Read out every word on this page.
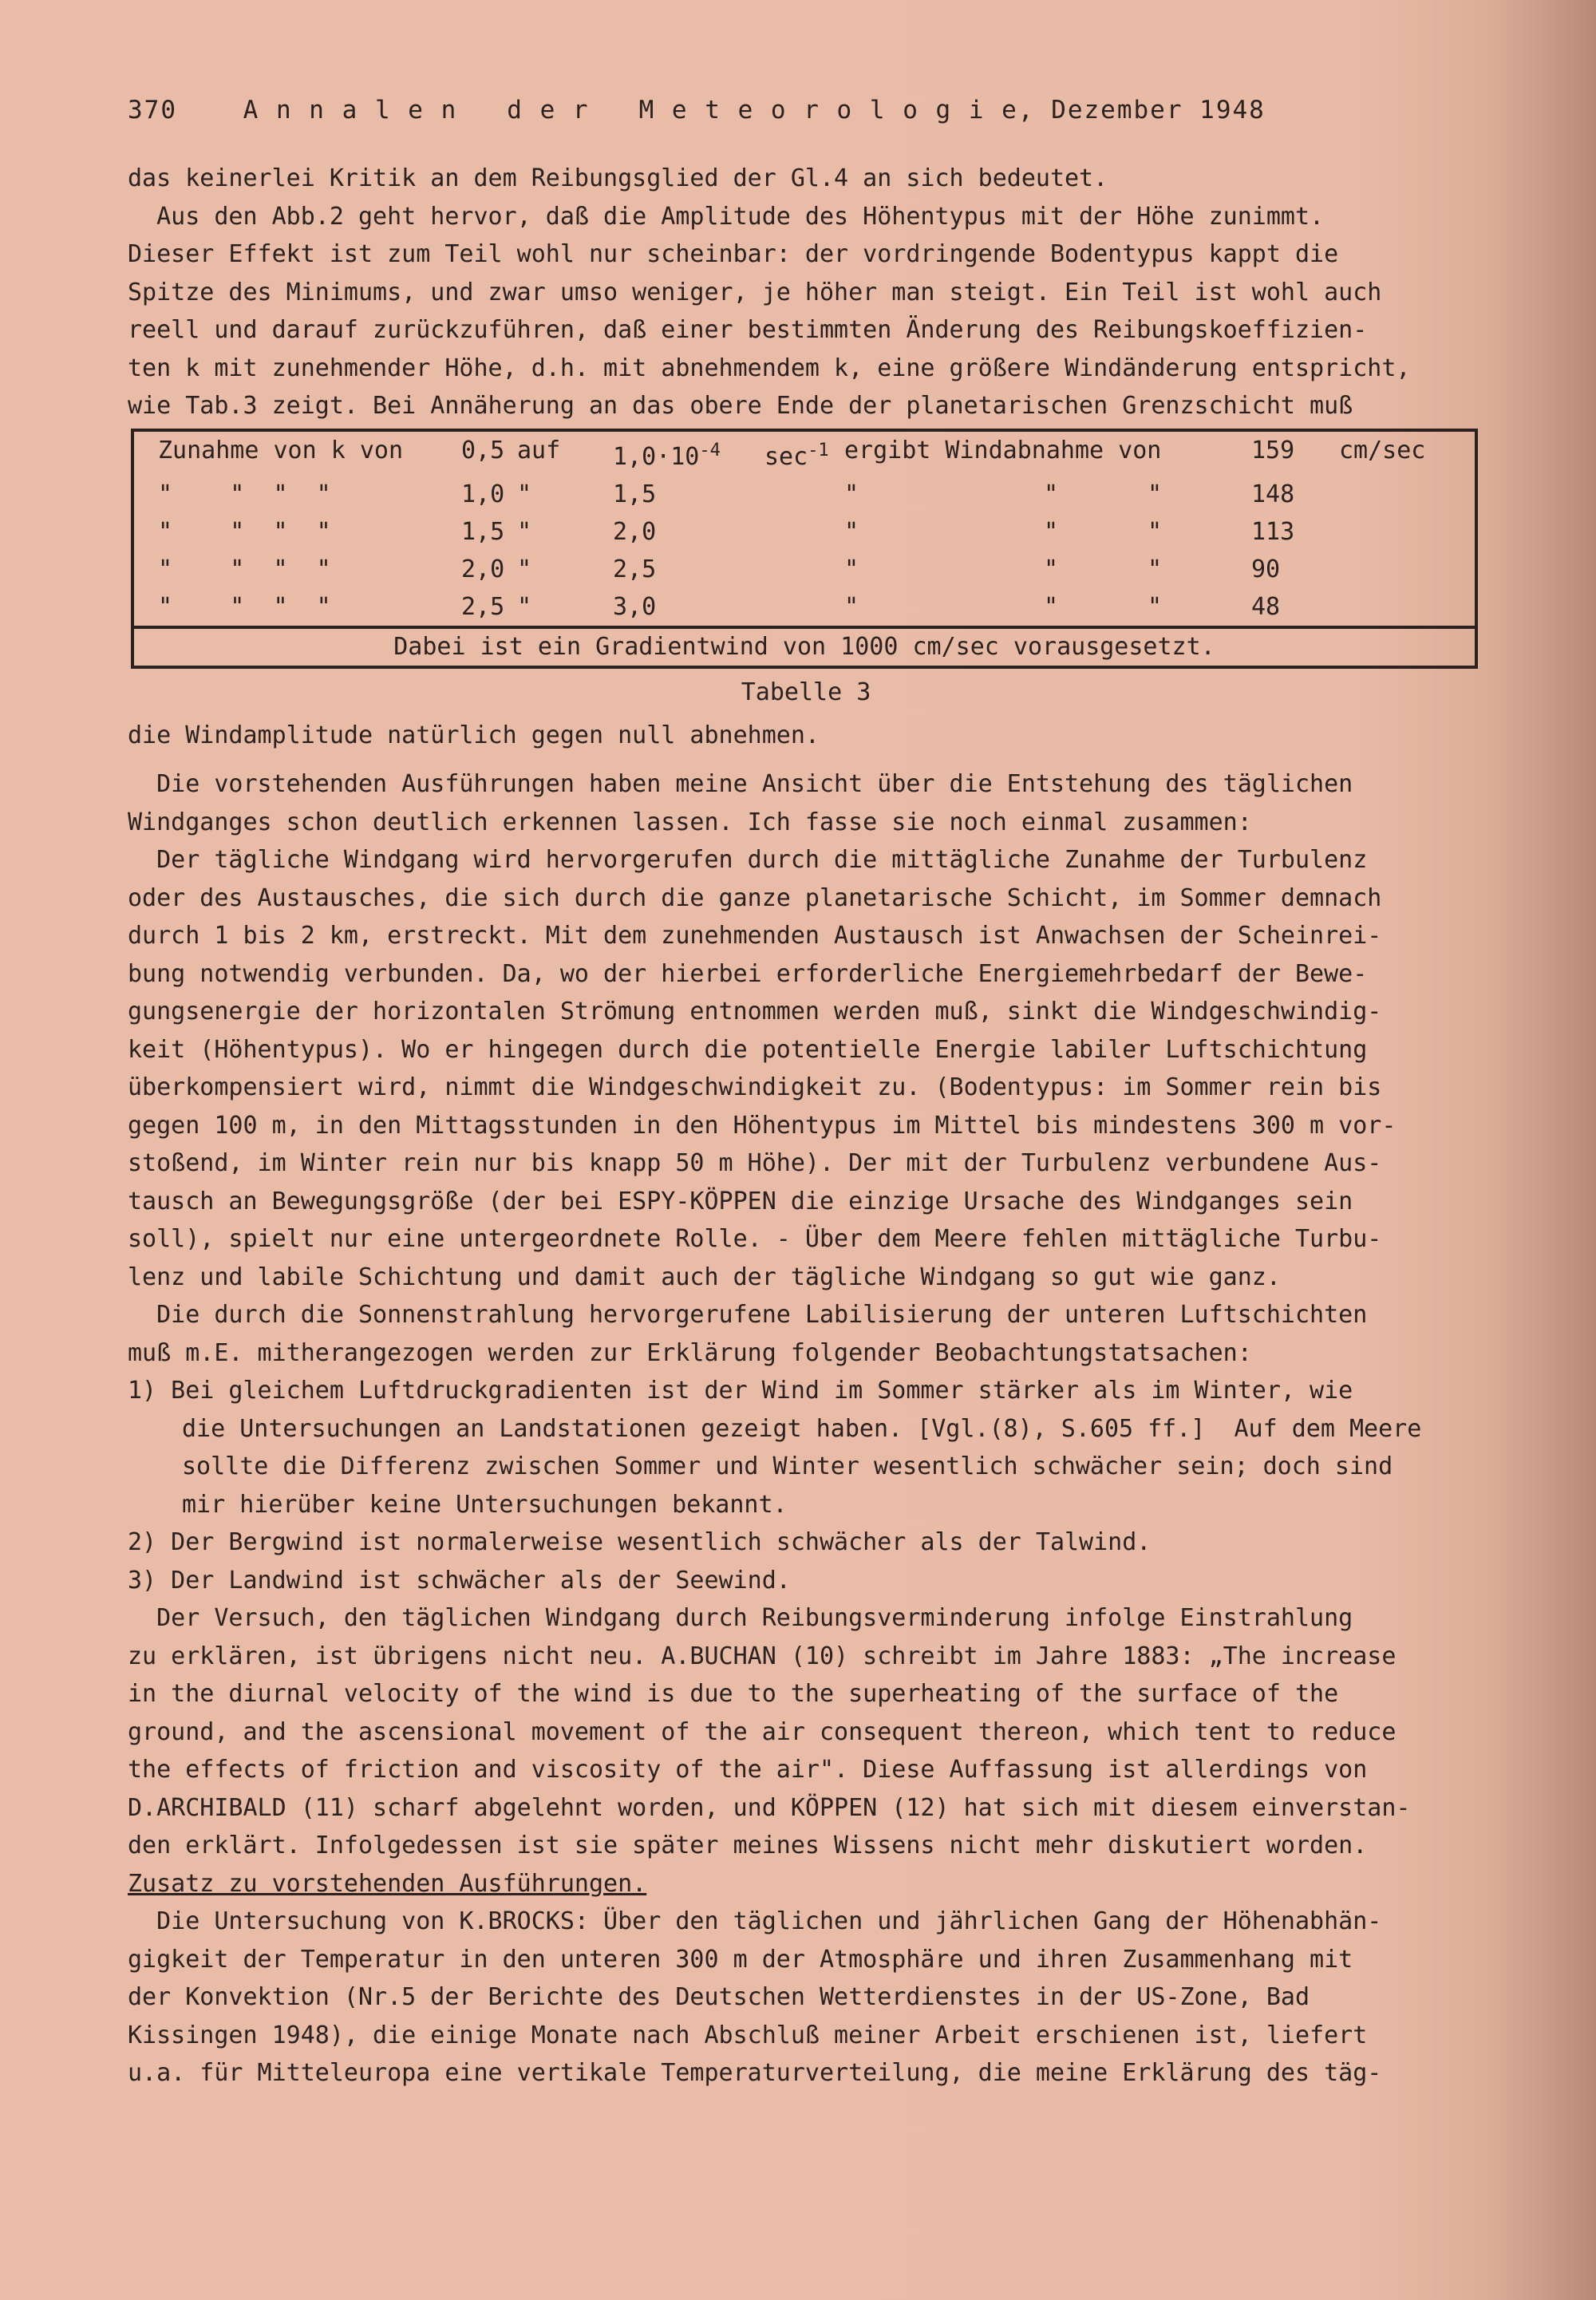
370	A n n a l e n   d e r   M e t e o r o l o g i e, Dezember 1948
das keinerlei Kritik an dem Reibungsglied der Gl.4 an sich bedeutet.
Aus den Abb.2 geht hervor, daß die Amplitude des Höhentypus mit der Höhe zunimmt.
Dieser Effekt ist zum Teil wohl nur scheinbar: der vordringende Bodentypus kappt die
Spitze des Minimums, und zwar umso weniger, je höher man steigt. Ein Teil ist wohl auch
reell und darauf zurückzuführen, daß einer bestimmten Änderung des Reibungskoeffizien-
ten k mit zunehmender Höhe, d.h. mit abnehmendem k, eine größere Windänderung entspricht,
wie Tab.3 zeigt. Bei Annäherung an das obere Ende der planetarischen Grenzschicht muß
Zunahme von k von	0,5 auf	$1,0\cdot 10^{-4}$	$\sec^{-1}$ ergibt Windabnahme von	159	cm/sec
"    "  "  "	1,0 "	1,5	"	"	"	148
"    "  "  "	1,5 "	2,0	"	"	"	113
"    "  "  "	2,0 "	2,5	"	"	"	90
"    "  "  "	2,5 "	3,0	"	"	"	48
Dabei ist ein Gradientwind von 1000 cm/sec vorausgesetzt.
Tabelle 3
die Windamplitude natürlich gegen null abnehmen.
Die vorstehenden Ausführungen haben meine Ansicht über die Entstehung des täglichen
Windganges schon deutlich erkennen lassen. Ich fasse sie noch einmal zusammen:
Der tägliche Windgang wird hervorgerufen durch die mittägliche Zunahme der Turbulenz
oder des Austausches, die sich durch die ganze planetarische Schicht, im Sommer demnach
durch 1 bis 2 km, erstreckt. Mit dem zunehmenden Austausch ist Anwachsen der Scheinrei-
bung notwendig verbunden. Da, wo der hierbei erforderliche Energiemehrbedarf der Bewe-
gungsenergie der horizontalen Strömung entnommen werden muß, sinkt die Windgeschwindig-
keit (Höhentypus). Wo er hingegen durch die potentielle Energie labiler Luftschichtung
überkompensiert wird, nimmt die Windgeschwindigkeit zu. (Bodentypus: im Sommer rein bis
gegen 100 m, in den Mittagsstunden in den Höhentypus im Mittel bis mindestens 300 m vor-
stoßend, im Winter rein nur bis knapp 50 m Höhe). Der mit der Turbulenz verbundene Aus-
tausch an Bewegungsgröße (der bei ESPY-KÖPPEN die einzige Ursache des Windganges sein
soll), spielt nur eine untergeordnete Rolle. - Über dem Meere fehlen mittägliche Turbu-
lenz und labile Schichtung und damit auch der tägliche Windgang so gut wie ganz.
Die durch die Sonnenstrahlung hervorgerufene Labilisierung der unteren Luftschichten
muß m.E. mitherangezogen werden zur Erklärung folgender Beobachtungstatsachen:
1) Bei gleichem Luftdruckgradienten ist der Wind im Sommer stärker als im Winter, wie
die Untersuchungen an Landstationen gezeigt haben. [Vgl.(8), S.605 ff.]  Auf dem Meere
sollte die Differenz zwischen Sommer und Winter wesentlich schwächer sein; doch sind
mir hierüber keine Untersuchungen bekannt.
2) Der Bergwind ist normalerweise wesentlich schwächer als der Talwind.
3) Der Landwind ist schwächer als der Seewind.
Der Versuch, den täglichen Windgang durch Reibungsverminderung infolge Einstrahlung
zu erklären, ist übrigens nicht neu. A.BUCHAN (10) schreibt im Jahre 1883: „The increase
in the diurnal velocity of the wind is due to the superheating of the surface of the
ground, and the ascensional movement of the air consequent thereon, which tent to reduce
the effects of friction and viscosity of the air". Diese Auffassung ist allerdings von
D.ARCHIBALD (11) scharf abgelehnt worden, und KÖPPEN (12) hat sich mit diesem einverstan-
den erklärt. Infolgedessen ist sie später meines Wissens nicht mehr diskutiert worden.
Zusatz zu vorstehenden Ausführungen.
Die Untersuchung von K.BROCKS: Über den täglichen und jährlichen Gang der Höhenabhän-
gigkeit der Temperatur in den unteren 300 m der Atmosphäre und ihren Zusammenhang mit
der Konvektion (Nr.5 der Berichte des Deutschen Wetterdienstes in der US-Zone, Bad
Kissingen 1948), die einige Monate nach Abschluß meiner Arbeit erschienen ist, liefert
u.a. für Mitteleuropa eine vertikale Temperaturverteilung, die meine Erklärung des täg-
